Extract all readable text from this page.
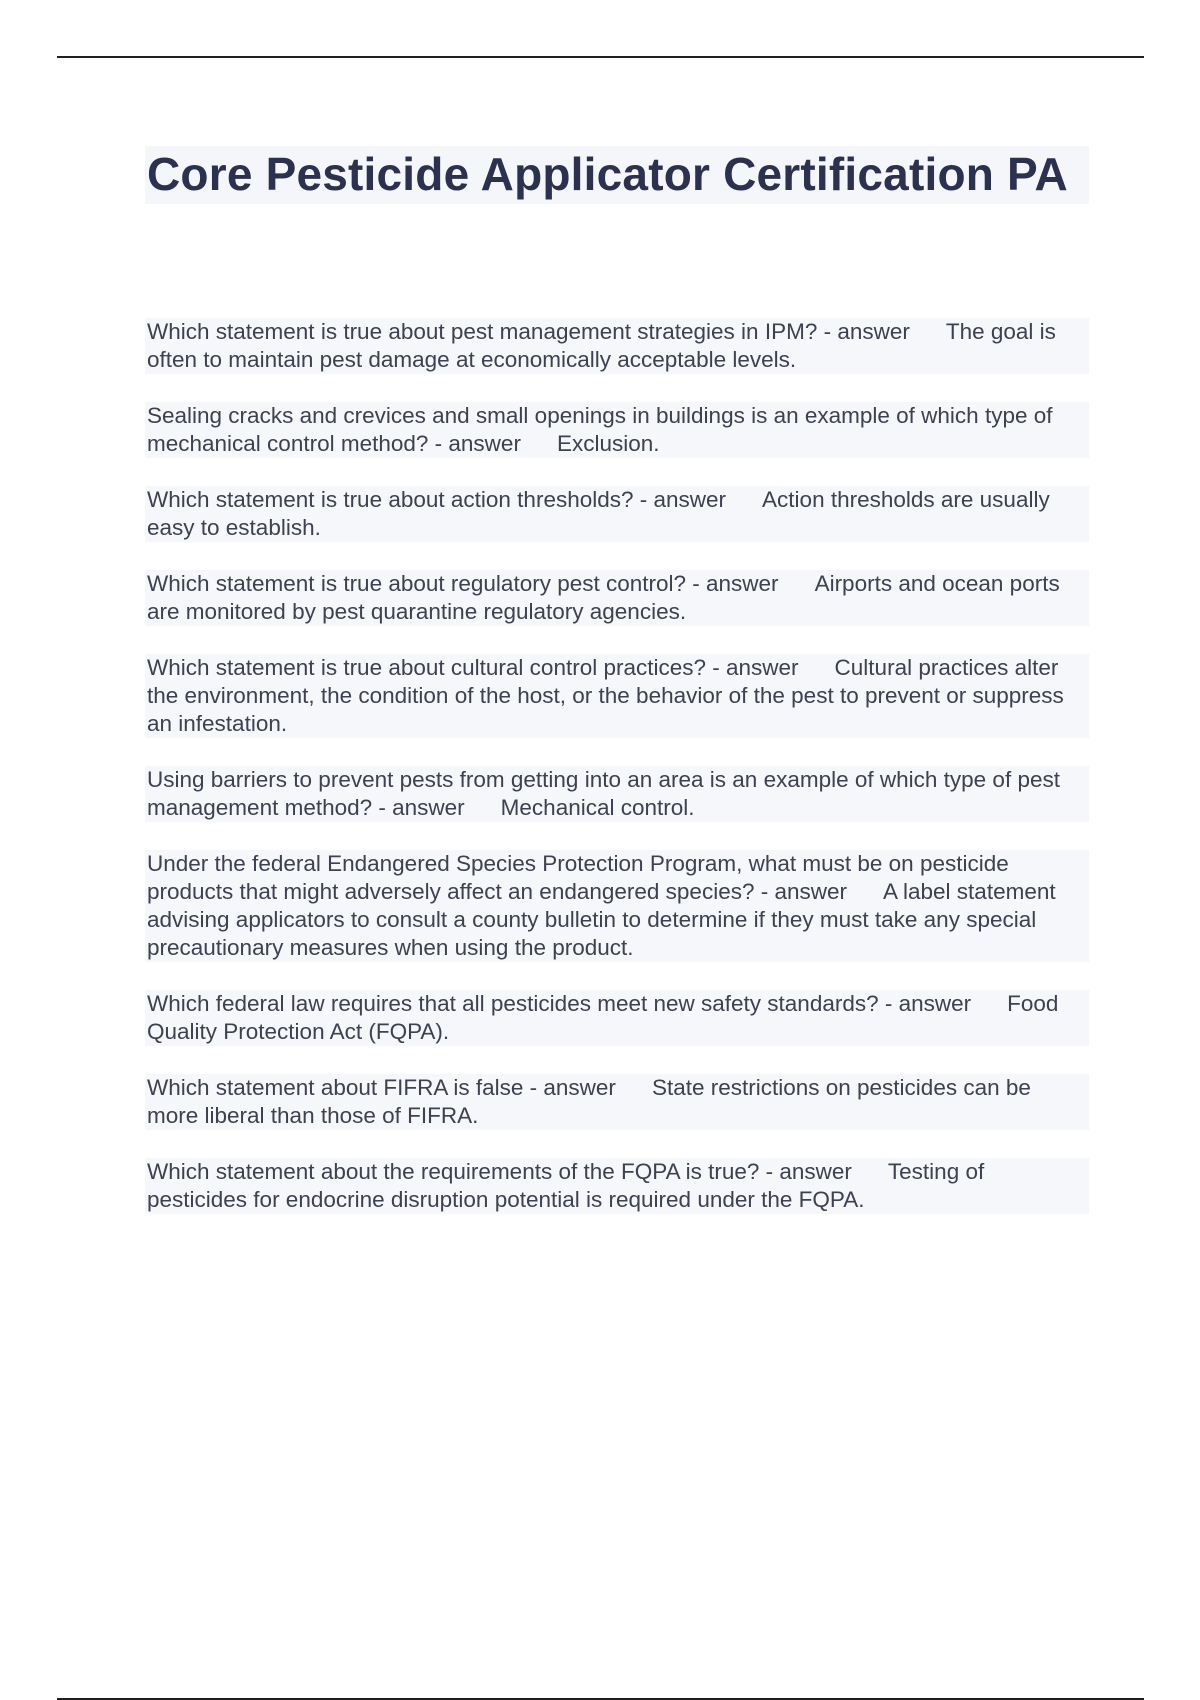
Core Pesticide Applicator Certification PA

Which statement is true about pest management strategies in IPM? - answer The goal is often to maintain pest damage at economically acceptable levels.

Sealing cracks and crevices and small openings in buildings is an example of which type of mechanical control method? - answer Exclusion.

Which statement is true about action thresholds? - answer Action thresholds are usually easy to establish.

Which statement is true about regulatory pest control? - answer Airports and ocean ports are monitored by pest quarantine regulatory agencies.

Which statement is true about cultural control practices? - answer Cultural practices alter the environment, the condition of the host, or the behavior of the pest to prevent or suppress an infestation.

Using barriers to prevent pests from getting into an area is an example of which type of pest management method? - answer Mechanical control.

Under the federal Endangered Species Protection Program, what must be on pesticide products that might adversely affect an endangered species? - answer A label statement advising applicators to consult a county bulletin to determine if they must take any special precautionary measures when using the product.

Which federal law requires that all pesticides meet new safety standards? - answer Food Quality Protection Act (FQPA).

Which statement about FIFRA is false - answer State restrictions on pesticides can be more liberal than those of FIFRA.

Which statement about the requirements of the FQPA is true? - answer Testing of pesticides for endocrine disruption potential is required under the FQPA.
